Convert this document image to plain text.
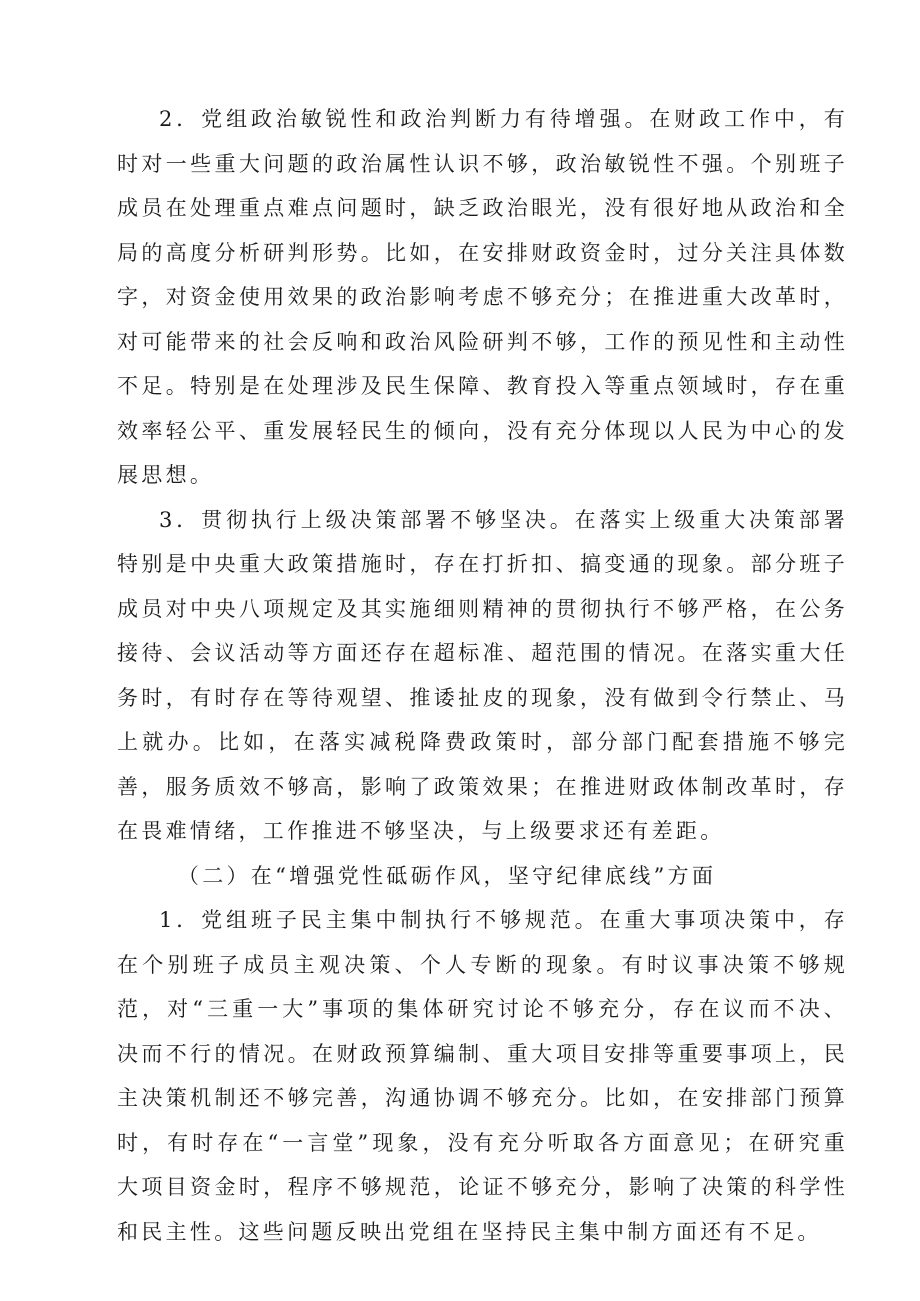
2．党组政治敏锐性和政治判断力有待增强。在财政工作中，有时对一些重大问题的政治属性认识不够，政治敏锐性不强。个别班子成员在处理重点难点问题时，缺乏政治眼光，没有很好地从政治和全局的高度分析研判形势。比如，在安排财政资金时，过分关注具体数字，对资金使用效果的政治影响考虑不够充分；在推进重大改革时，对可能带来的社会反响和政治风险研判不够，工作的预见性和主动性不足。特别是在处理涉及民生保障、教育投入等重点领域时，存在重效率轻公平、重发展轻民生的倾向，没有充分体现以人民为中心的发展思想。

3．贯彻执行上级决策部署不够坚决。在落实上级重大决策部署特别是中央重大政策措施时，存在打折扣、搞变通的现象。部分班子成员对中央八项规定及其实施细则精神的贯彻执行不够严格，在公务接待、会议活动等方面还存在超标准、超范围的情况。在落实重大任务时，有时存在等待观望、推诿扯皮的现象，没有做到令行禁止、马上就办。比如，在落实减税降费政策时，部分部门配套措施不够完善，服务质效不够高，影响了政策效果；在推进财政体制改革时，存在畏难情绪，工作推进不够坚决，与上级要求还有差距。

（二）在“增强党性砥砺作风，坚守纪律底线”方面

1．党组班子民主集中制执行不够规范。在重大事项决策中，存在个别班子成员主观决策、个人专断的现象。有时议事决策不够规范，对“三重一大”事项的集体研究讨论不够充分，存在议而不决、决而不行的情况。在财政预算编制、重大项目安排等重要事项上，民主决策机制还不够完善，沟通协调不够充分。比如，在安排部门预算时，有时存在“一言堂”现象，没有充分听取各方面意见；在研究重大项目资金时，程序不够规范，论证不够充分，影响了决策的科学性和民主性。这些问题反映出党组在坚持民主集中制方面还有不足。
